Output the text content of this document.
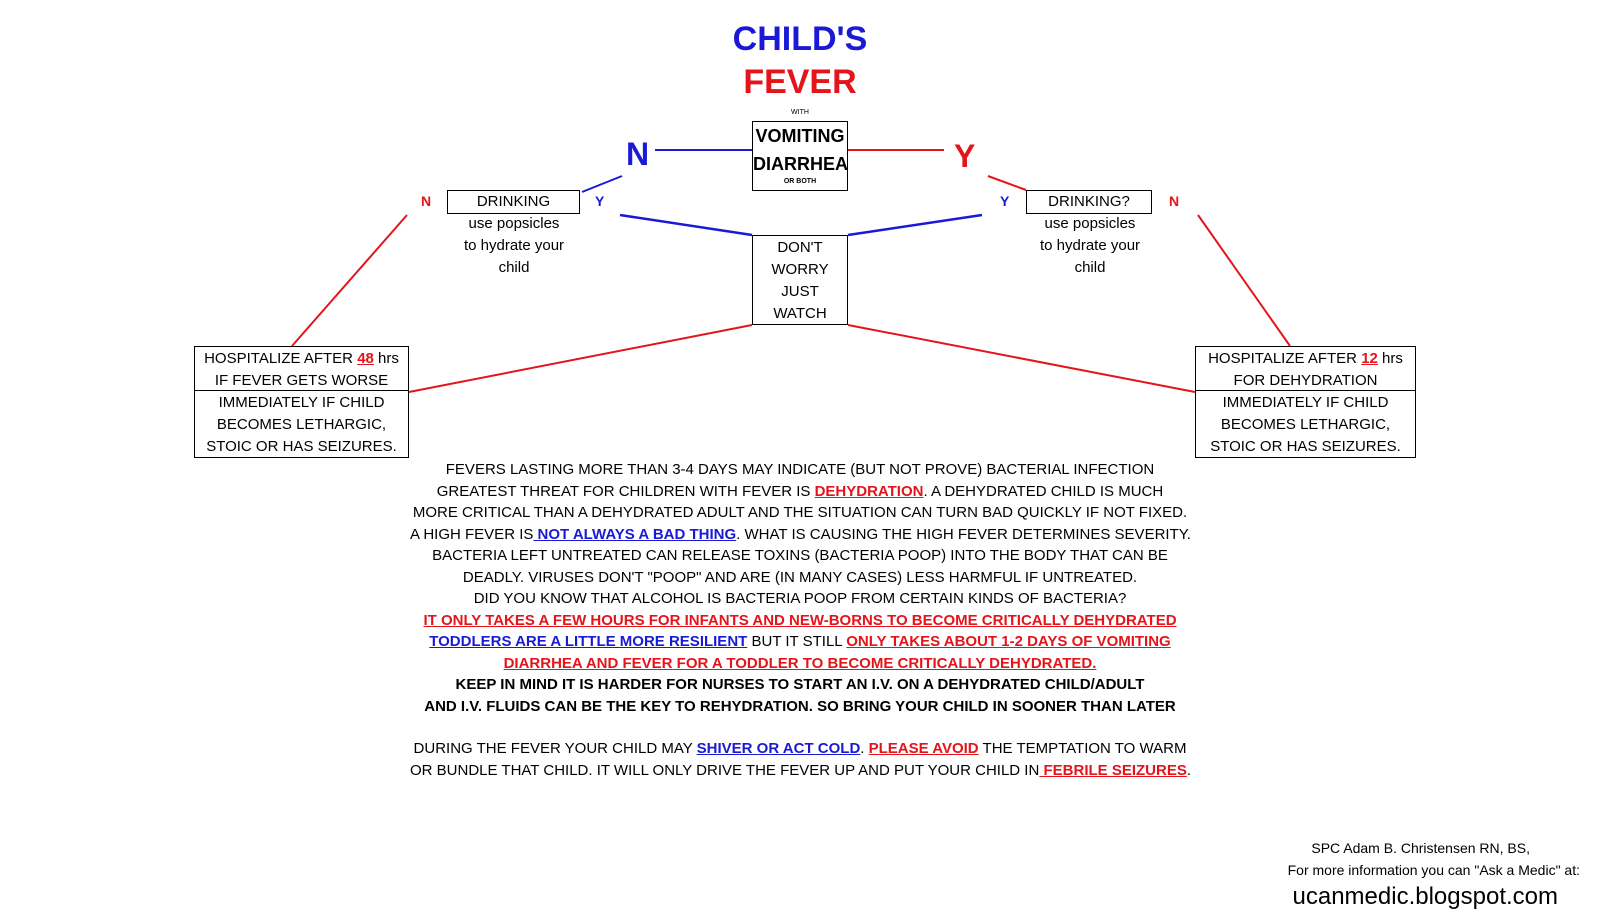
CHILD'S
FEVER
WITH
VOMITING
DIARRHEA
OR BOTH
N	Y
N	DRINKING	Y
use popsicles
to hydrate your
child
Y	DRINKING?	N
use popsicles
to hydrate your
child
DON'T
WORRY
JUST
WATCH
HOSPITALIZE AFTER 48 hrs
IF FEVER GETS WORSE
IMMEDIATELY IF CHILD
BECOMES LETHARGIC,
STOIC OR HAS SEIZURES.
HOSPITALIZE AFTER 12 hrs
FOR DEHYDRATION
IMMEDIATELY IF CHILD
BECOMES LETHARGIC,
STOIC OR HAS SEIZURES.
FEVERS LASTING MORE THAN 3-4 DAYS MAY INDICATE (BUT NOT PROVE) BACTERIAL INFECTION
GREATEST THREAT FOR CHILDREN WITH FEVER IS DEHYDRATION. A DEHYDRATED CHILD IS MUCH
MORE CRITICAL THAN A DEHYDRATED ADULT AND THE SITUATION CAN TURN BAD QUICKLY IF NOT FIXED.
A HIGH FEVER IS NOT ALWAYS A BAD THING. WHAT IS CAUSING THE HIGH FEVER DETERMINES SEVERITY.
BACTERIA LEFT UNTREATED CAN RELEASE TOXINS (BACTERIA POOP) INTO THE BODY THAT CAN BE
DEADLY. VIRUSES DON'T "POOP" AND ARE (IN MANY CASES) LESS HARMFUL IF UNTREATED.
DID YOU KNOW THAT ALCOHOL IS BACTERIA POOP FROM CERTAIN KINDS OF BACTERIA?
IT ONLY TAKES A FEW HOURS FOR INFANTS AND NEW-BORNS TO BECOME CRITICALLY DEHYDRATED
TODDLERS ARE A LITTLE MORE RESILIENT BUT IT STILL ONLY TAKES ABOUT 1-2 DAYS OF VOMITING
DIARRHEA AND FEVER FOR A TODDLER TO BECOME CRITICALLY DEHYDRATED.
KEEP IN MIND IT IS HARDER FOR NURSES TO START AN I.V. ON A DEHYDRATED CHILD/ADULT
AND I.V. FLUIDS CAN BE THE KEY TO REHYDRATION. SO BRING YOUR CHILD IN SOONER THAN LATER
DURING THE FEVER YOUR CHILD MAY SHIVER OR ACT COLD. PLEASE AVOID THE TEMPTATION TO WARM
OR BUNDLE THAT CHILD. IT WILL ONLY DRIVE THE FEVER UP AND PUT YOUR CHILD IN FEBRILE SEIZURES.
SPC Adam B. Christensen RN, BS,
For more information you can "Ask a Medic" at:
ucanmedic.blogspot.com
